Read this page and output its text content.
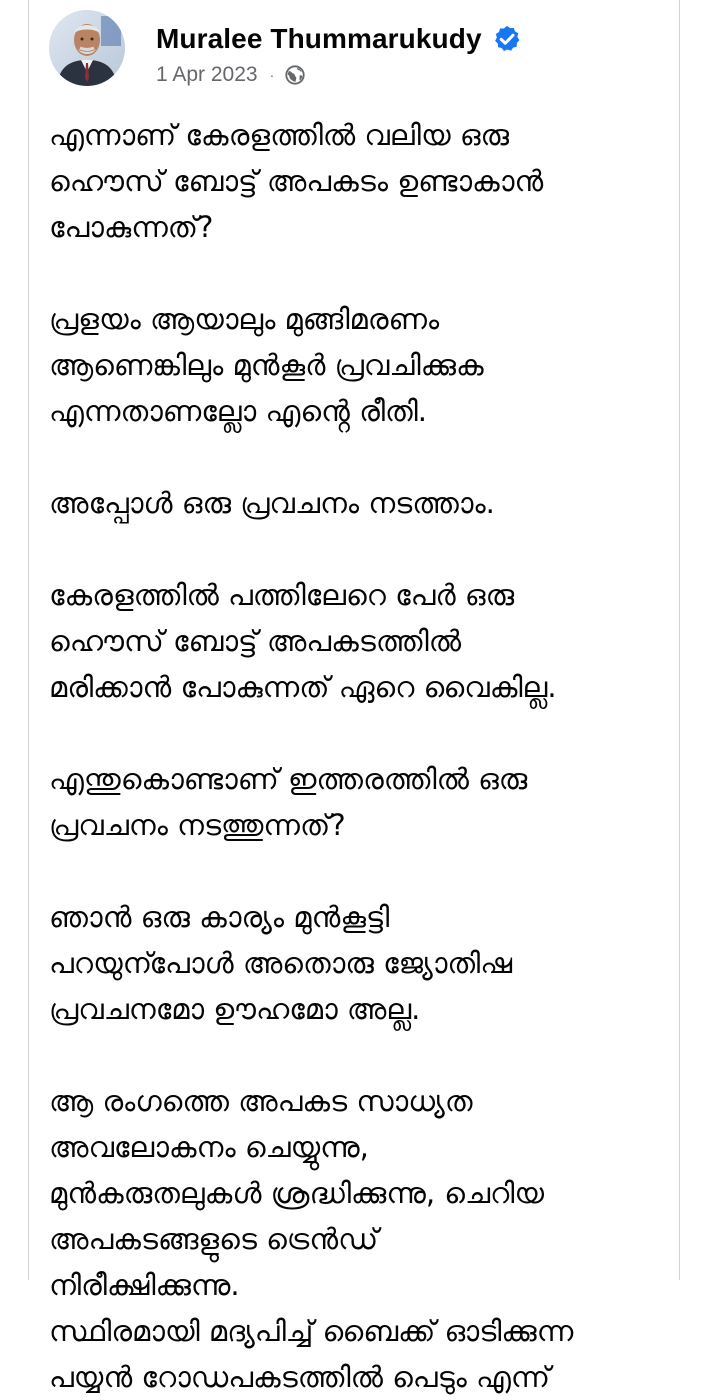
Muralee Thummarukudy
1 Apr 2023 ·

എന്നാണ് കേരളത്തിൽ വലിയ ഒരു
ഹൌസ് ബോട്ട് അപകടം ഉണ്ടാകാൻ
പോകുന്നത്?

പ്രളയം ആയാലും മുങ്ങിമരണം
ആണെങ്കിലും മുൻകൂർ പ്രവചിക്കുക
എന്നതാണല്ലോ എൻ്റെ രീതി.

അപ്പോൾ ഒരു പ്രവചനം നടത്താം.

കേരളത്തിൽ പത്തിലേറെ പേർ ഒരു
ഹൌസ് ബോട്ട് അപകടത്തിൽ
മരിക്കാൻ പോകുന്നത് ഏറെ വൈകില്ല.

എന്തുകൊണ്ടാണ് ഇത്തരത്തിൽ ഒരു
പ്രവചനം നടത്തുന്നത്?

ഞാൻ ഒരു കാര്യം മുൻകൂട്ടി
പറയുന്പോൾ അതൊരു ജ്യോതിഷ
പ്രവചനമോ ഊഹമോ അല്ല.

ആ രംഗത്തെ അപകട സാധ്യത
അവലോകനം ചെയ്യുന്നു,
മുൻകരുതലുകൾ ശ്രദ്ധിക്കുന്നു, ചെറിയ
അപകടങ്ങളുടെ ട്രെൻഡ്
നിരീക്ഷിക്കുന്നു.
സ്ഥിരമായി മദ്യപിച്ച് ബൈക്ക് ഓടിക്കുന്ന
പയ്യൻ റോഡപകടത്തിൽ പെടും എന്ന്
